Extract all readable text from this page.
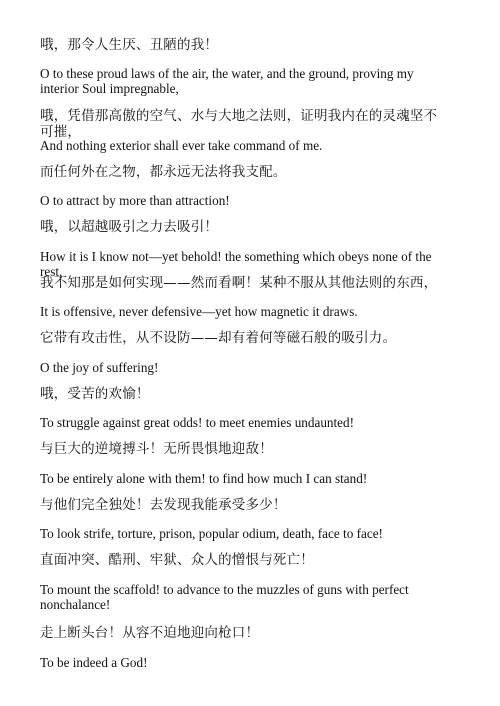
哦，那令人生厌、丑陋的我！
O to these proud laws of the air, the water, and the ground, proving my interior Soul impregnable,
哦，凭借那高傲的空气、水与大地之法则，证明我内在的灵魂坚不可摧，
And nothing exterior shall ever take command of me.
而任何外在之物，都永远无法将我支配。
O to attract by more than attraction!
哦，以超越吸引之力去吸引！
How it is I know not—yet behold! the something which obeys none of the rest,
我不知那是如何实现——然而看啊！某种不服从其他法则的东西，
It is offensive, never defensive—yet how magnetic it draws.
它带有攻击性，从不设防——却有着何等磁石般的吸引力。
O the joy of suffering!
哦，受苦的欢愉！
To struggle against great odds! to meet enemies undaunted!
与巨大的逆境搏斗！无所畏惧地迎敌！
To be entirely alone with them! to find how much I can stand!
与他们完全独处！去发现我能承受多少！
To look strife, torture, prison, popular odium, death, face to face!
直面冲突、酷刑、牢狱、众人的憎恨与死亡！
To mount the scaffold! to advance to the muzzles of guns with perfect nonchalance!
走上断头台！从容不迫地迎向枪口！
To be indeed a God!
